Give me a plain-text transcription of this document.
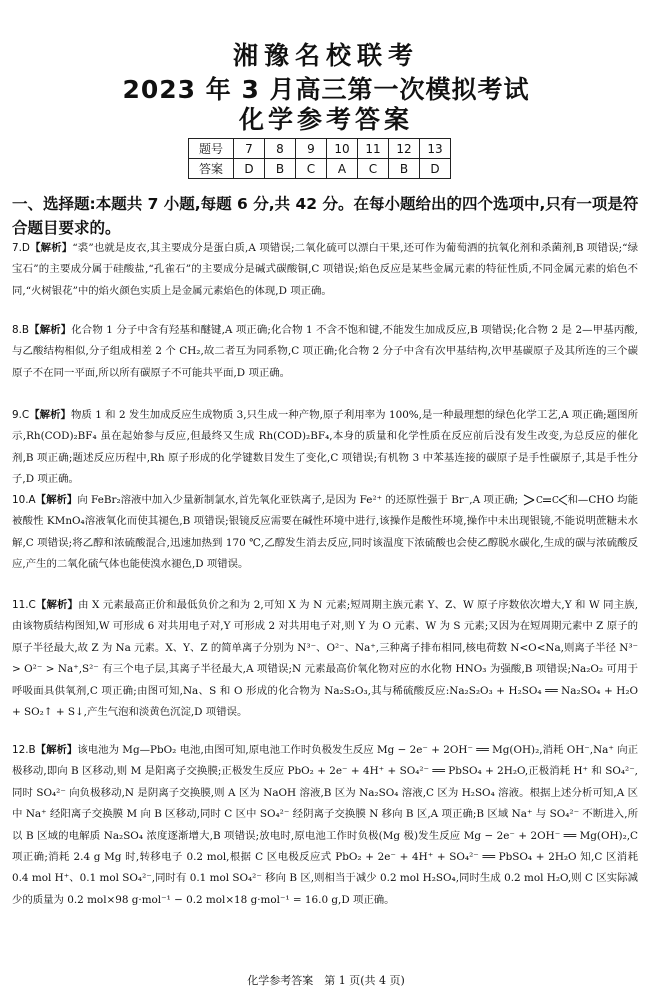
湘豫名校联考
2023 年 3 月高三第一次模拟考试
化学参考答案
题号	7	8	9	10	11	12	13
答案	D	B	C	A	C	B	D
一、选择题:本题共 7 小题,每题 6 分,共 42 分。在每小题给出的四个选项中,只有一项是符合题目要求的。
7.D【解析】“裘”也就是皮衣,其主要成分是蛋白质,A 项错误;二氧化硫可以漂白干果,还可作为葡萄酒的抗氧化剂和杀菌剂,B 项错误;“绿宝石”的主要成分属于硅酸盐,“孔雀石”的主要成分是碱式碳酸铜,C 项错误;焰色反应是某些金属元素的特征性质,不同金属元素的焰色不同,“火树银花”中的焰火颜色实质上是金属元素焰色的体现,D 项正确。
8.B【解析】化合物 1 分子中含有羟基和醚键,A 项正确;化合物 1 不含不饱和键,不能发生加成反应,B 项错误;化合物 2 是 2—甲基丙酸,与乙酸结构相似,分子组成相差 2 个 CH₂,故二者互为同系物,C 项正确;化合物 2 分子中含有次甲基结构,次甲基碳原子及其所连的三个碳原子不在同一平面,所以所有碳原子不可能共平面,D 项正确。
9.C【解析】物质 1 和 2 发生加成反应生成物质 3,只生成一种产物,原子利用率为 100%,是一种最理想的绿色化学工艺,A 项正确;题图所示,Rh(COD)₂BF₄ 虽在起始参与反应,但最终又生成 Rh(COD)₂BF₄,本身的质量和化学性质在反应前后没有发生改变,为总反应的催化剂,B 项正确;题述反应历程中,Rh 原子形成的化学键数目发生了变化,C 项错误;有机物 3 中苯基连接的碳原子是手性碳原子,其是手性分子,D 项正确。
10.A【解析】向 FeBr₂溶液中加入少量新制氯水,首先氧化亚铁离子,是因为 Fe²⁺ 的还原性强于 Br⁻,A 项正确; C C 和—CHO 均能被酸性 KMnO₄溶液氧化而使其褪色,B 项错误;银镜反应需要在碱性环境中进行,该操作是酸性环境,操作中未出现银镜,不能说明蔗糖未水解,C 项错误;将乙醇和浓硫酸混合,迅速加热到 170 ℃,乙醇发生消去反应,同时该温度下浓硫酸也会使乙醇脱水碳化,生成的碳与浓硫酸反应,产生的二氧化硫气体也能使溴水褪色,D 项错误。
11.C【解析】由 X 元素最高正价和最低负价之和为 2,可知 X 为 N 元素;短周期主族元素 Y、Z、W 原子序数依次增大,Y 和 W 同主族,由该物质结构图知,W 可形成 6 对共用电子对,Y 可形成 2 对共用电子对,则 Y 为 O 元素、W 为 S 元素;又因为在短周期元素中 Z 原子的原子半径最大,故 Z 为 Na 元素。X、Y、Z 的简单离子分别为 N³⁻、O²⁻、Na⁺,三种离子排布相同,核电荷数 N<O<Na,则离子半径 N³⁻ > O²⁻ > Na⁺,S²⁻ 有三个电子层,其离子半径最大,A 项错误;N 元素最高价氧化物对应的水化物 HNO₃ 为强酸,B 项错误;Na₂O₂ 可用于呼吸面具供氧剂,C 项正确;由图可知,Na、S 和 O 形成的化合物为 Na₂S₂O₃,其与稀硫酸反应:Na₂S₂O₃ + H₂SO₄ ══ Na₂SO₄ + H₂O + SO₂↑ + S↓,产生气泡和淡黄色沉淀,D 项错误。
12.B【解析】该电池为 Mg—PbO₂ 电池,由图可知,原电池工作时负极发生反应 Mg − 2e⁻ + 2OH⁻ ══ Mg(OH)₂,消耗 OH⁻,Na⁺ 向正极移动,即向 B 区移动,则 M 是阳离子交换膜;正极发生反应 PbO₂ + 2e⁻ + 4H⁺ + SO₄²⁻ ══ PbSO₄ + 2H₂O,正极消耗 H⁺ 和 SO₄²⁻,同时 SO₄²⁻ 向负极移动,N 是阴离子交换膜,则 A 区为 NaOH 溶液,B 区为 Na₂SO₄ 溶液,C 区为 H₂SO₄ 溶液。根据上述分析可知,A 区中 Na⁺ 经阳离子交换膜 M 向 B 区移动,同时 C 区中 SO₄²⁻ 经阴离子交换膜 N 移向 B 区,A 项正确;B 区域 Na⁺ 与 SO₄²⁻ 不断进入,所以 B 区域的电解质 Na₂SO₄ 浓度逐渐增大,B 项错误;放电时,原电池工作时负极(Mg 极)发生反应 Mg − 2e⁻ + 2OH⁻ ══ Mg(OH)₂,C 项正确;消耗 2.4 g Mg 时,转移电子 0.2 mol,根据 C 区电极反应式 PbO₂ + 2e⁻ + 4H⁺ + SO₄²⁻ ══ PbSO₄ + 2H₂O 知,C 区消耗 0.4 mol H⁺、0.1 mol SO₄²⁻,同时有 0.1 mol SO₄²⁻ 移向 B 区,则相当于减少 0.2 mol H₂SO₄,同时生成 0.2 mol H₂O,则 C 区实际减少的质量为 0.2 mol×98 g·mol⁻¹ − 0.2 mol×18 g·mol⁻¹ = 16.0 g,D 项正确。
化学参考答案　第 1 页(共 4 页)
